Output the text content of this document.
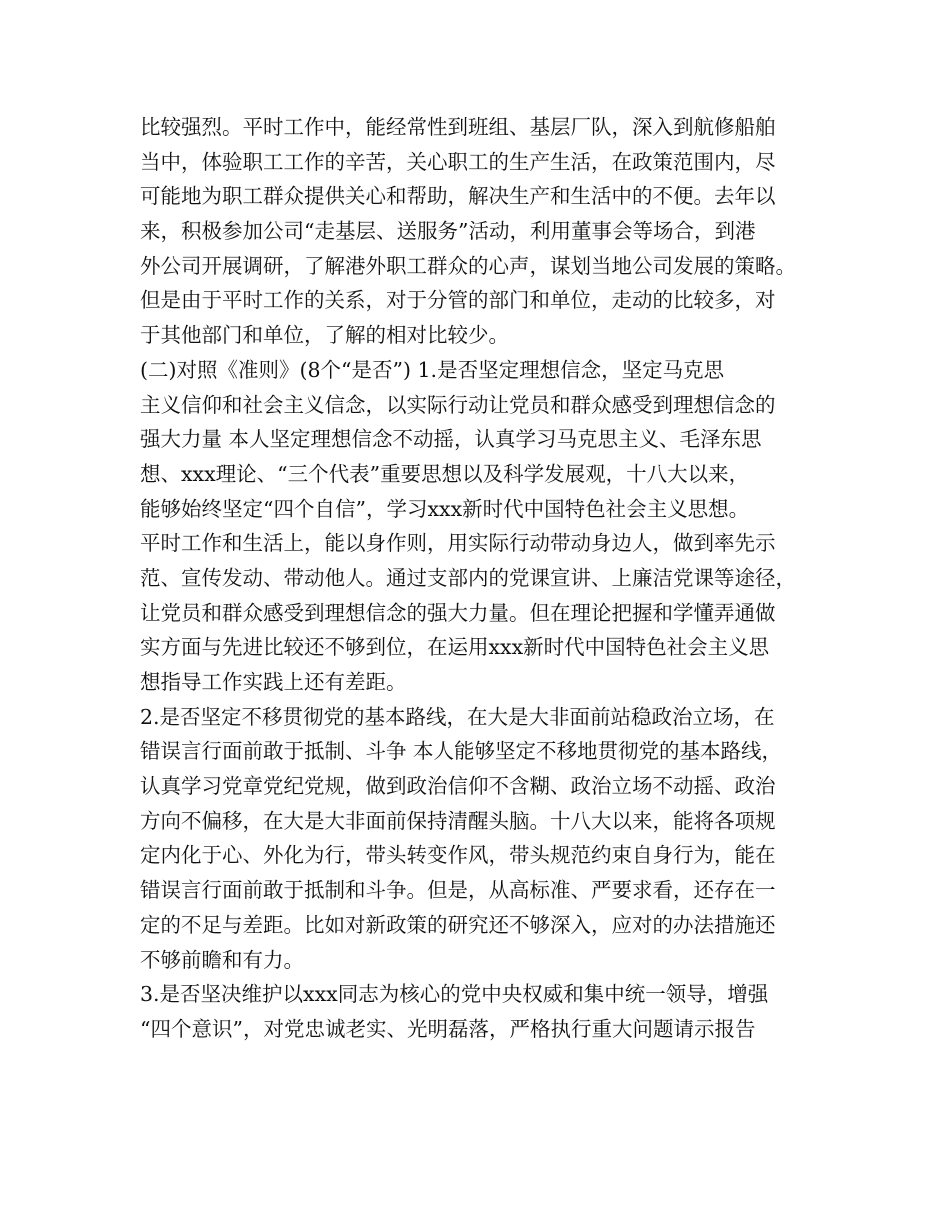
比较强烈。平时工作中，能经常性到班组、基层厂队，深入到航修船舶
当中，体验职工工作的辛苦，关心职工的生产生活，在政策范围内，尽
可能地为职工群众提供关心和帮助，解决生产和生活中的不便。去年以
来，积极参加公司“走基层、送服务”活动，利用董事会等场合，到港
外公司开展调研，了解港外职工群众的心声，谋划当地公司发展的策略。
但是由于平时工作的关系，对于分管的部门和单位，走动的比较多，对
于其他部门和单位，了解的相对比较少。
(二)对照《准则》(8个“是否”) 1.是否坚定理想信念，坚定马克思
主义信仰和社会主义信念，以实际行动让党员和群众感受到理想信念的
强大力量 本人坚定理想信念不动摇，认真学习马克思主义、毛泽东思
想、xxx理论、“三个代表”重要思想以及科学发展观，十八大以来，
能够始终坚定“四个自信”，学习xxx新时代中国特色社会主义思想。
平时工作和生活上，能以身作则，用实际行动带动身边人，做到率先示
范、宣传发动、带动他人。通过支部内的党课宣讲、上廉洁党课等途径，
让党员和群众感受到理想信念的强大力量。但在理论把握和学懂弄通做
实方面与先进比较还不够到位，在运用xxx新时代中国特色社会主义思
想指导工作实践上还有差距。
2.是否坚定不移贯彻党的基本路线，在大是大非面前站稳政治立场，在
错误言行面前敢于抵制、斗争 本人能够坚定不移地贯彻党的基本路线，
认真学习党章党纪党规，做到政治信仰不含糊、政治立场不动摇、政治
方向不偏移，在大是大非面前保持清醒头脑。十八大以来，能将各项规
定内化于心、外化为行，带头转变作风，带头规范约束自身行为，能在
错误言行面前敢于抵制和斗争。但是，从高标准、严要求看，还存在一
定的不足与差距。比如对新政策的研究还不够深入，应对的办法措施还
不够前瞻和有力。
3.是否坚决维护以xxx同志为核心的党中央权威和集中统一领导，增强
“四个意识”，对党忠诚老实、光明磊落，严格执行重大问题请示报告
